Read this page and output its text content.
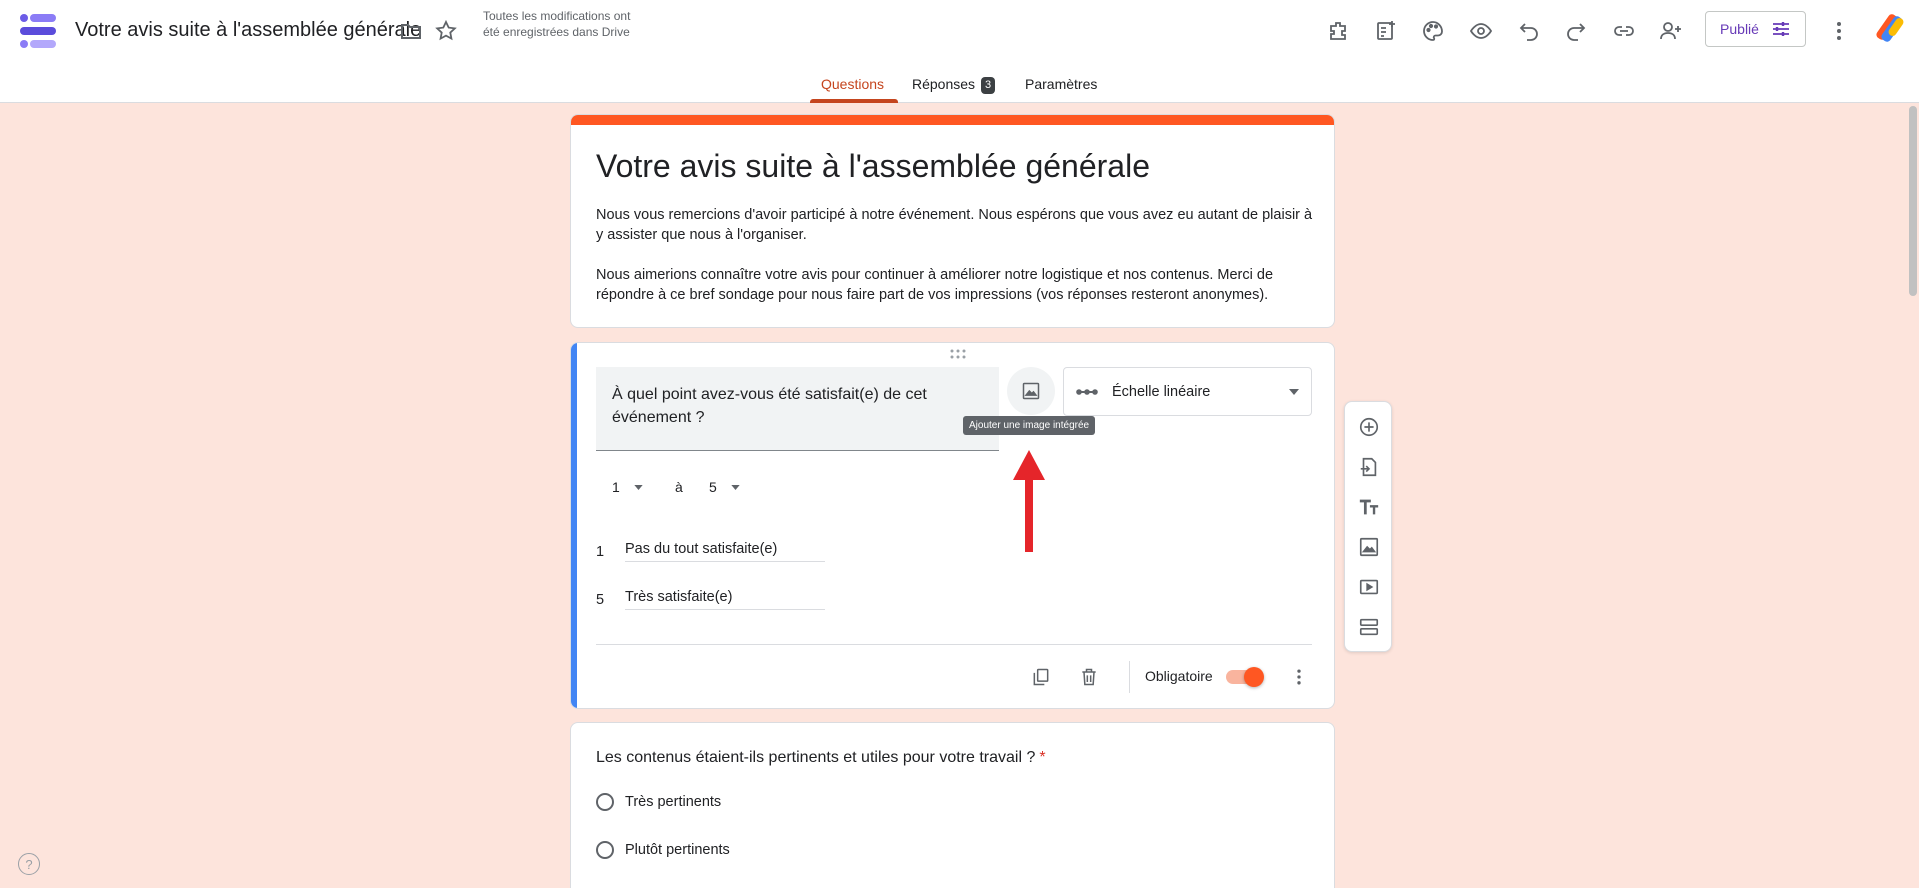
Votre avis suite à l'assemblée générale
Toutes les modifications ont été enregistrées dans Drive	Publié
Questions Réponses 3 Paramètres
Votre avis suite à l'assemblée générale

Nous vous remercions d'avoir participé à notre événement. Nous espérons que vous avez eu autant de plaisir à y assister que nous à l'organiser.

Nous aimerions connaître votre avis pour continuer à améliorer notre logistique et nos contenus. Merci de répondre à ce bref sondage pour nous faire part de vos impressions (vos réponses resteront anonymes).

À quel point avez-vous été satisfait(e) de cet événement ?
Échelle linéaire
1	à 5
1	Pas du tout satisfaite(e)
5	Très satisfaite(e)
Obligatoire
Ajouter une image intégrée
Les contenus étaient-ils pertinents et utiles pour votre travail ? *
Très pertinents
Plutôt pertinents
?
